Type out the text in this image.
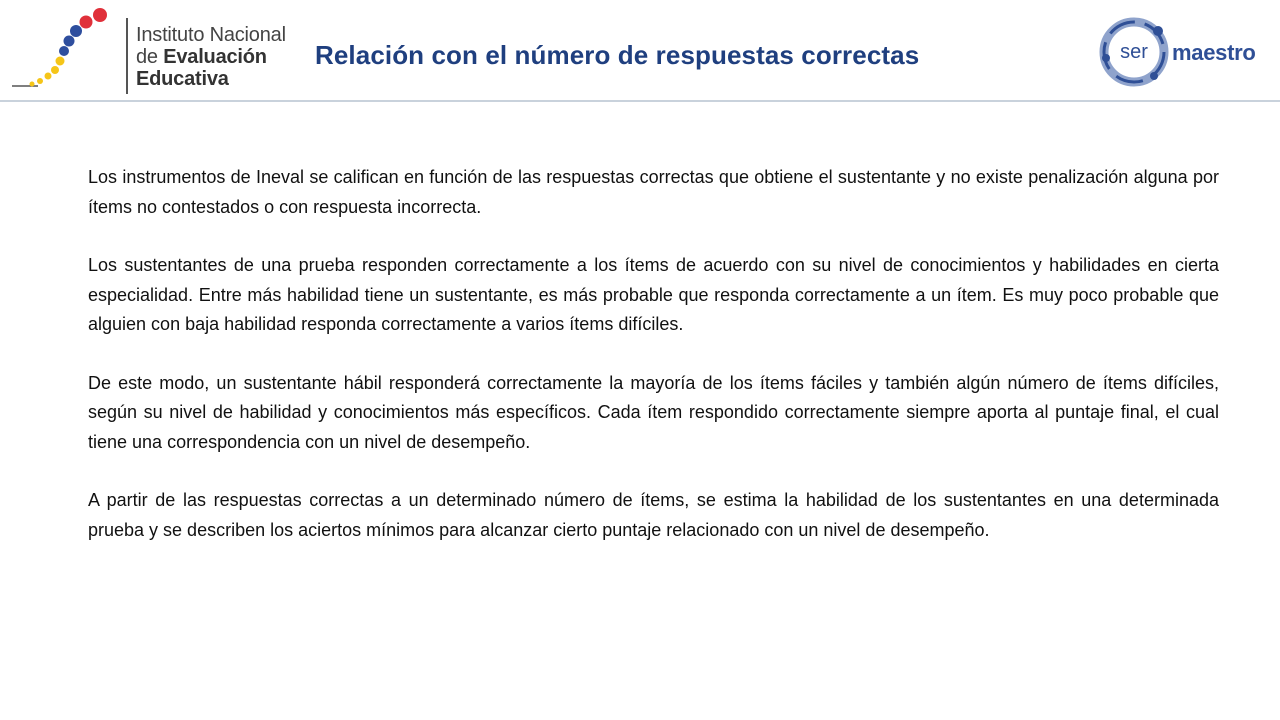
Instituto Nacional
de Evaluación
Educativa
Relación con el número de respuestas correctas	ser maestro

Los instrumentos de Ineval se califican en función de las respuestas correctas que obtiene el sustentante y no existe penalización alguna por ítems no contestados o con respuesta incorrecta.

Los sustentantes de una prueba responden correctamente a los ítems de acuerdo con su nivel de conocimientos y habilidades en cierta especialidad. Entre más habilidad tiene un sustentante, es más probable que responda correctamente a un ítem. Es muy poco probable que alguien con baja habilidad responda correctamente a varios ítems difíciles.

De este modo, un sustentante hábil responderá correctamente la mayoría de los ítems fáciles y también algún número de ítems difíciles, según su nivel de habilidad y conocimientos más específicos. Cada ítem respondido correctamente siempre aporta al puntaje final, el cual tiene una correspondencia con un nivel de desempeño.

A partir de las respuestas correctas a un determinado número de ítems, se estima la habilidad de los sustentantes en una determinada prueba y se describen los aciertos mínimos para alcanzar cierto puntaje relacionado con un nivel de desempeño.
